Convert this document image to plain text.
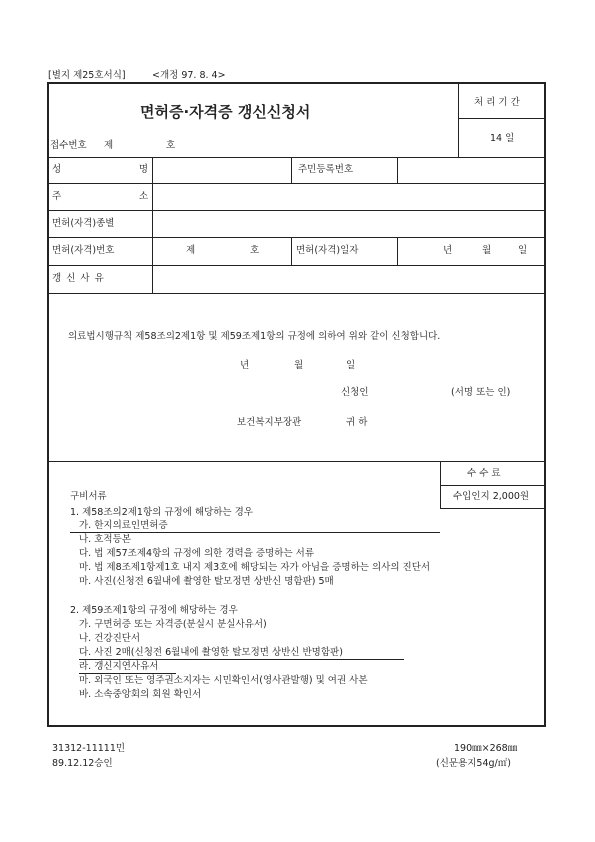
[별지 제25호서식]	<개정 97. 8. 4>
면허증·자격증 갱신신청서
처 리 기 간
14 일
접수번호 제	호
성	명	주민등록번호
주	소
면허(자격)종별
면허(자격)번호	제	호	면허(자격)일자	년	월	일
갱 신 사 유
의료법시행규칙 제58조의2제1항 및 제59조제1항의 규정에 의하여 위와 같이 신청합니다.
년	월	일
신청인	(서명 또는 인)
보건복지부장관	귀 하
수 수 료
수입인지 2,000원
구비서류
1. 제58조의2제1항의 규정에 해당하는 경우
가. 한지의료인면허증
나. 호적등본
다. 법 제57조제4항의 규정에 의한 경력을 증명하는 서류
마. 법 제8조제1항제1호 내지 제3호에 해당되는 자가 아님을 증명하는 의사의 진단서
마. 사진(신청전 6월내에 촬영한 탈모정면 상반신 명함판) 5매
2. 제59조제1항의 규정에 해당하는 경우
가. 구면허증 또는 자격증(분실시 분실사유서)
나. 건강진단서
다. 사진 2매(신청전 6월내에 촬영한 탈모정면 상반신 반명함판)
라. 갱신지연사유서
마. 외국인 또는 영주권소지자는 시민확인서(영사관발행) 및 여권 사본
바. 소속중앙회의 회원 확인서
31312-11111민
89.12.12승인
190㎜×268㎜
(신문용지54g/㎡)
